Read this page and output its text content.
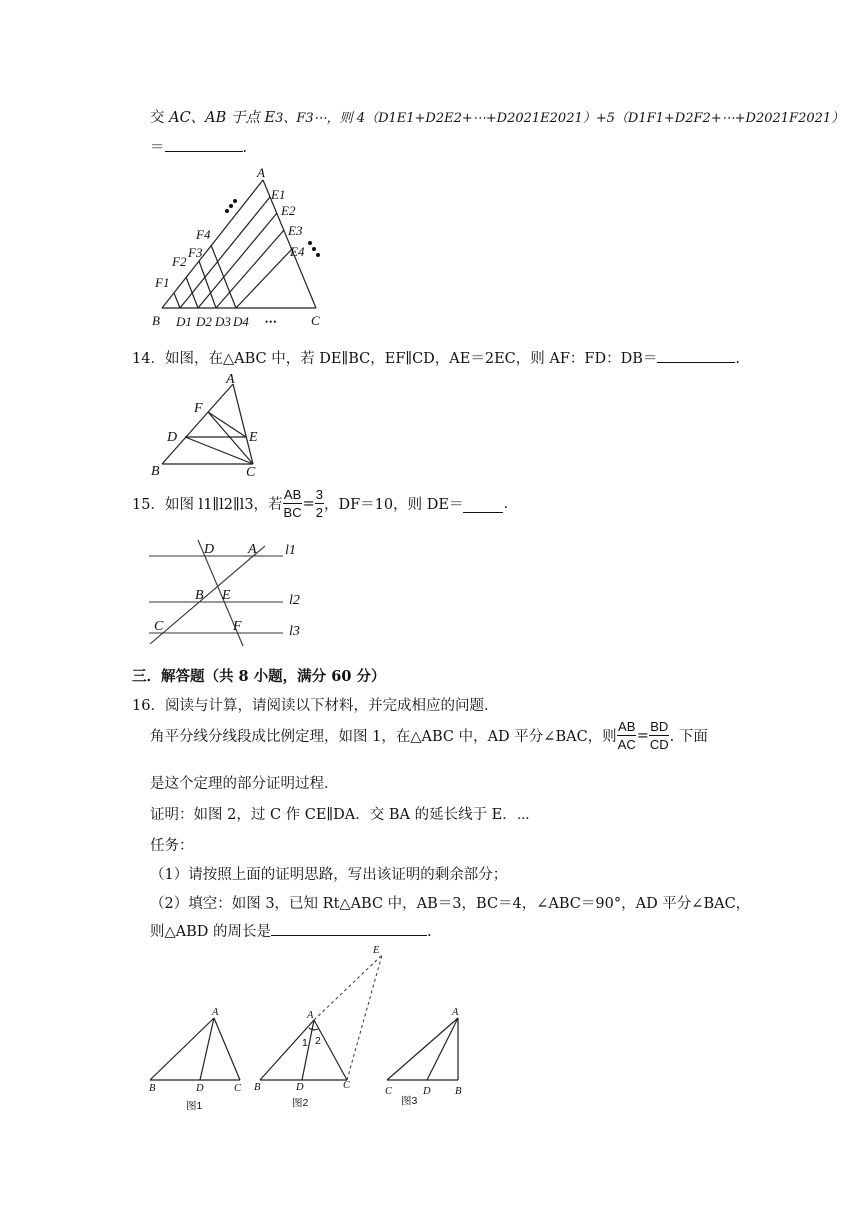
交 AC、AB 于点 E3、F3⋯，则 4（D1E1+D2E2+⋯+D2021E2021）+5（D1F1+D2F2+⋯+D2021F2021）
＝	.
A
E1
E2
E3
E4
F4
F3
F2
F1
B D1 D2 D3 D4 •••	C
14．如图，在△ABC 中，若 DE∥BC，EF∥CD，AE＝2EC，则 AF：FD：DB＝	.
A
F
D	E
B	C
15．如图 l1∥l2∥l3，若 $\frac{AB}{BC} = \frac{3}{2}$ ，DF＝10，则 DE＝	.
D A l1
B E	l2
C	F	l3
三．解答题（共 8 小题，满分 60 分）
16．阅读与计算，请阅读以下材料，并完成相应的问题．
角平分线分线段成比例定理，如图 1，在△ABC 中，AD 平分∠BAC，则 $\frac{AB}{AC} = \frac{BD}{CD}$ . 下面
是这个定理的部分证明过程．
证明：如图 2，过 C 作 CE∥DA．交 BA 的延长线于 E．⋯
任务：
（1）请按照上面的证明思路，写出该证明的剩余部分；
（2）填空：如图 3，已知 Rt△ABC 中，AB＝3，BC＝4，∠ABC＝90°，AD 平分∠BAC，
则△ABD 的周长是	.
A
B	D	C
图1
E
A
1 2
B	D	C
图2
A
C	D B
图3
